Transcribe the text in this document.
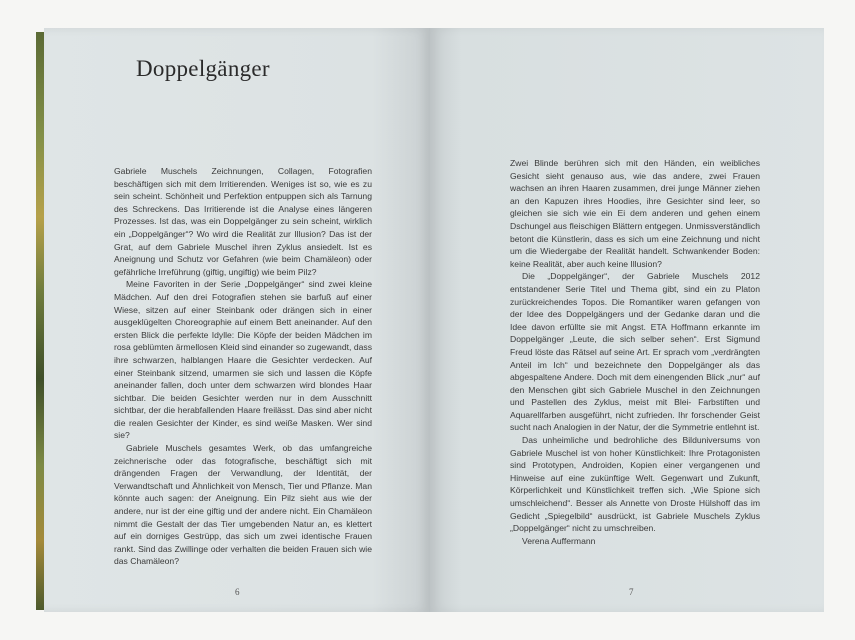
Doppelgänger

Gabriele Muschels Zeichnungen, Collagen, Fotografien beschäftigen sich mit dem Irritierenden. Weniges ist so, wie es zu sein scheint. Schönheit und Perfektion entpuppen sich als Tarnung des Schreckens. Das Irritierende ist die Analyse eines längeren Prozesses. Ist das, was ein Doppelgänger zu sein scheint, wirklich ein „Doppelgänger“? Wo wird die Realität zur Illusion? Das ist der Grat, auf dem Gabriele Muschel ihren Zyklus ansiedelt. Ist es Aneignung und Schutz vor Gefahren (wie beim Chamäleon) oder gefährliche Irreführung (giftig, ungiftig) wie beim Pilz?

Meine Favoriten in der Serie „Doppelgänger“ sind zwei kleine Mädchen. Auf den drei Fotografien stehen sie barfuß auf einer Wiese, sitzen auf einer Steinbank oder drängen sich in einer ausgeklügelten Choreographie auf einem Bett aneinander. Auf den ersten Blick die perfekte Idylle: Die Köpfe der beiden Mädchen im rosa geblümten ärmellosen Kleid sind einander so zugewandt, dass ihre schwarzen, halblangen Haare die Gesichter verdecken. Auf einer Steinbank sitzend, umarmen sie sich und lassen die Köpfe aneinander fallen, doch unter dem schwarzen wird blondes Haar sichtbar. Die beiden Gesichter werden nur in dem Ausschnitt sichtbar, der die herabfallenden Haare freilässt. Das sind aber nicht die realen Gesichter der Kinder, es sind weiße Masken. Wer sind sie?

Gabriele Muschels gesamtes Werk, ob das umfangreiche zeichnerische oder das fotografische, beschäftigt sich mit drängenden Fragen der Verwandlung, der Identität, der Verwandtschaft und Ähnlichkeit von Mensch, Tier und Pflanze. Man könnte auch sagen: der Aneignung. Ein Pilz sieht aus wie der andere, nur ist der eine giftig und der andere nicht. Ein Chamäleon nimmt die Gestalt der das Tier umgebenden Natur an, es klettert auf ein dorniges Gestrüpp, das sich um zwei identische Frauen rankt. Sind das Zwillinge oder verhalten die beiden Frauen sich wie das Chamäleon?

6

Zwei Blinde berühren sich mit den Händen, ein weibliches Gesicht sieht genauso aus, wie das andere, zwei Frauen wachsen an ihren Haaren zusammen, drei junge Männer ziehen an den Kapuzen ihres Hoodies, ihre Gesichter sind leer, so gleichen sie sich wie ein Ei dem anderen und gehen einem Dschungel aus fleischigen Blättern entgegen. Unmissverständlich betont die Künstlerin, dass es sich um eine Zeichnung und nicht um die Wiedergabe der Realität handelt. Schwankender Boden: keine Realität, aber auch keine Illusion?

Die „Doppelgänger“, der Gabriele Muschels 2012 entstandener Serie Titel und Thema gibt, sind ein zu Platon zurückreichendes Topos. Die Romantiker waren gefangen von der Idee des Doppelgängers und der Gedanke daran und die Idee davon erfüllte sie mit Angst. ETA Hoffmann erkannte im Doppelgänger „Leute, die sich selber sehen“. Erst Sigmund Freud löste das Rätsel auf seine Art. Er sprach vom „verdrängten Anteil im Ich“ und bezeichnete den Doppelgänger als das abgespaltene Andere. Doch mit dem einengenden Blick „nur“ auf den Menschen gibt sich Gabriele Muschel in den Zeichnungen und Pastellen des Zyklus, meist mit Blei- Farbstiften und Aquarellfarben ausgeführt, nicht zufrieden. Ihr forschender Geist sucht nach Analogien in der Natur, der die Symmetrie entlehnt ist.

Das unheimliche und bedrohliche des Bilduniversums von Gabriele Muschel ist von hoher Künstlichkeit: Ihre Protagonisten sind Prototypen, Androiden, Kopien einer vergangenen und Hinweise auf eine zukünftige Welt. Gegenwart und Zukunft, Körperlichkeit und Künstlichkeit treffen sich. „Wie Spione sich umschleichend“. Besser als Annette von Droste Hülshoff das im Gedicht „Spiegelbild“ ausdrückt, ist Gabriele Muschels Zyklus „Doppelgänger“ nicht zu umschreiben.

Verena Auffermann
7
